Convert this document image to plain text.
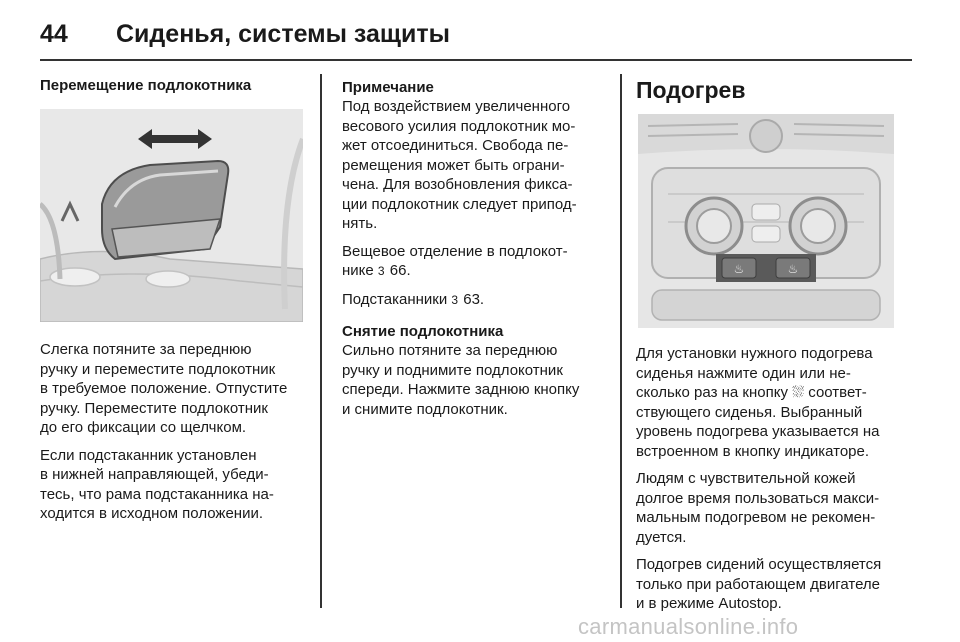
44 Сиденья, системы защиты

Перемещение подлокотника

Слегка потяните за переднюю
ручку и переместите подлокотник
в требуемое положение. Отпустите
ручку. Переместите подлокотник
до его фиксации со щелчком.
Если подстаканник установлен
в нижней направляющей, убеди-
тесь, что рама подстаканника на-
ходится в исходном положении.

Примечание

Под воздействием увеличенного
весового усилия подлокотник мо-
жет отсоединиться. Свобода пе-
ремещения может быть ограни-
чена. Для возобновления фикса-
ции подлокотник следует припод-
нять.
Вещевое отделение в подлокот-
нике 3 66.
Подстаканники 3 63.

Снятие подлокотника

Сильно потяните за переднюю
ручку и поднимите подлокотник
спереди. Нажмите заднюю кнопку
и снимите подлокотник.

Подогрев

♨	♨
Для установки нужного подогрева
сиденья нажмите один или не-
сколько раз на кнопку ⛆ соответ-
ствующего сиденья. Выбранный
уровень подогрева указывается на
встроенном в кнопку индикаторе.
Людям с чувствительной кожей
долгое время пользоваться макси-
мальным подогревом не рекомен-
дуется.
Подогрев сидений осуществляется
только при работающем двигателе
и в режиме Autostop.
carmanualsonline.info
